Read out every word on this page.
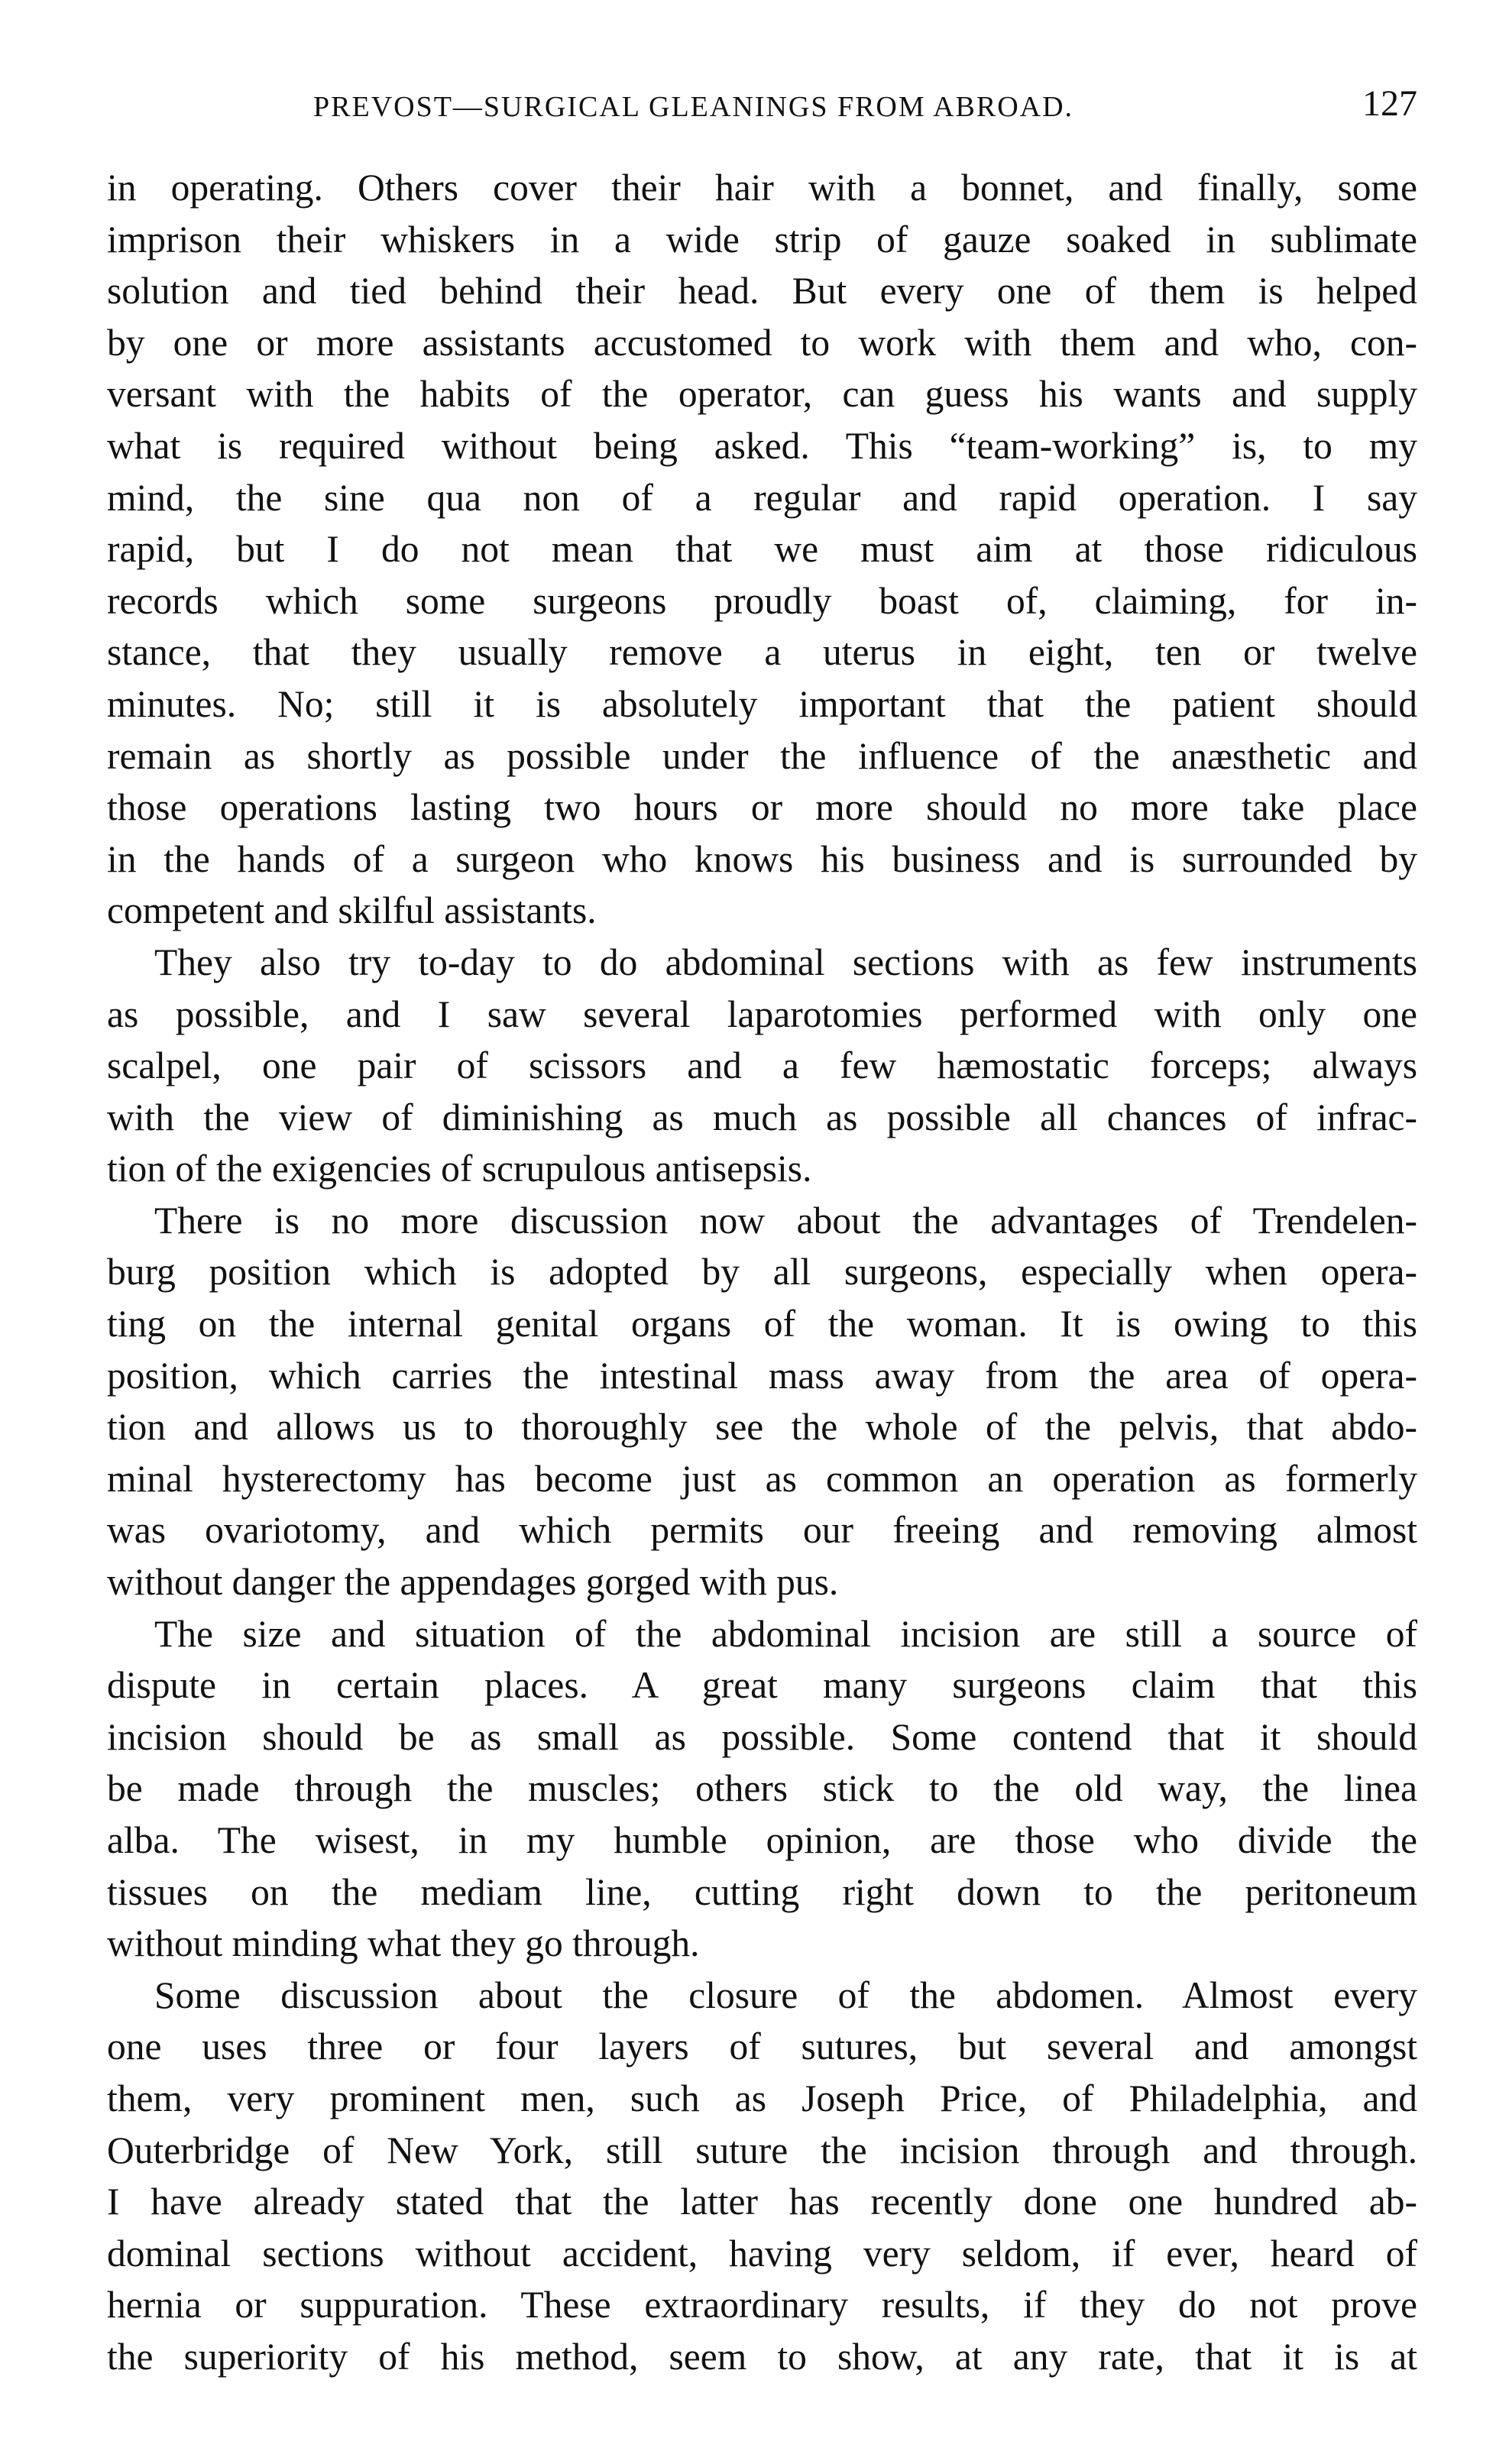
PREVOST—SURGICAL GLEANINGS FROM ABROAD.	127

in operating. Others cover their hair with a bonnet, and finally, some
imprison their whiskers in a wide strip of gauze soaked in sublimate
solution and tied behind their head. But every one of them is helped
by one or more assistants accustomed to work with them and who, con-
versant with the habits of the operator, can guess his wants and supply
what is required without being asked. This “team-working” is, to my
mind, the sine qua non of a regular and rapid operation. I say
rapid, but I do not mean that we must aim at those ridiculous
records which some surgeons proudly boast of, claiming, for in-
stance, that they usually remove a uterus in eight, ten or twelve
minutes. No; still it is absolutely important that the patient should
remain as shortly as possible under the influence of the anæsthetic and
those operations lasting two hours or more should no more take place
in the hands of a surgeon who knows his business and is surrounded by
competent and skilful assistants.

They also try to-day to do abdominal sections with as few instruments
as possible, and I saw several laparotomies performed with only one
scalpel, one pair of scissors and a few hæmostatic forceps; always
with the view of diminishing as much as possible all chances of infrac-
tion of the exigencies of scrupulous antisepsis.

There is no more discussion now about the advantages of Trendelen-
burg position which is adopted by all surgeons, especially when opera-
ting on the internal genital organs of the woman. It is owing to this
position, which carries the intestinal mass away from the area of opera-
tion and allows us to thoroughly see the whole of the pelvis, that abdo-
minal hysterectomy has become just as common an operation as formerly
was ovariotomy, and which permits our freeing and removing almost
without danger the appendages gorged with pus.

The size and situation of the abdominal incision are still a source of
dispute in certain places. A great many surgeons claim that this
incision should be as small as possible. Some contend that it should
be made through the muscles; others stick to the old way, the linea
alba. The wisest, in my humble opinion, are those who divide the
tissues on the mediam line, cutting right down to the peritoneum
without minding what they go through.

Some discussion about the closure of the abdomen. Almost every
one uses three or four layers of sutures, but several and amongst
them, very prominent men, such as Joseph Price, of Philadelphia, and
Outerbridge of New York, still suture the incision through and through.
I have already stated that the latter has recently done one hundred ab-
dominal sections without accident, having very seldom, if ever, heard of
hernia or suppuration. These extraordinary results, if they do not prove
the superiority of his method, seem to show, at any rate, that it is at
